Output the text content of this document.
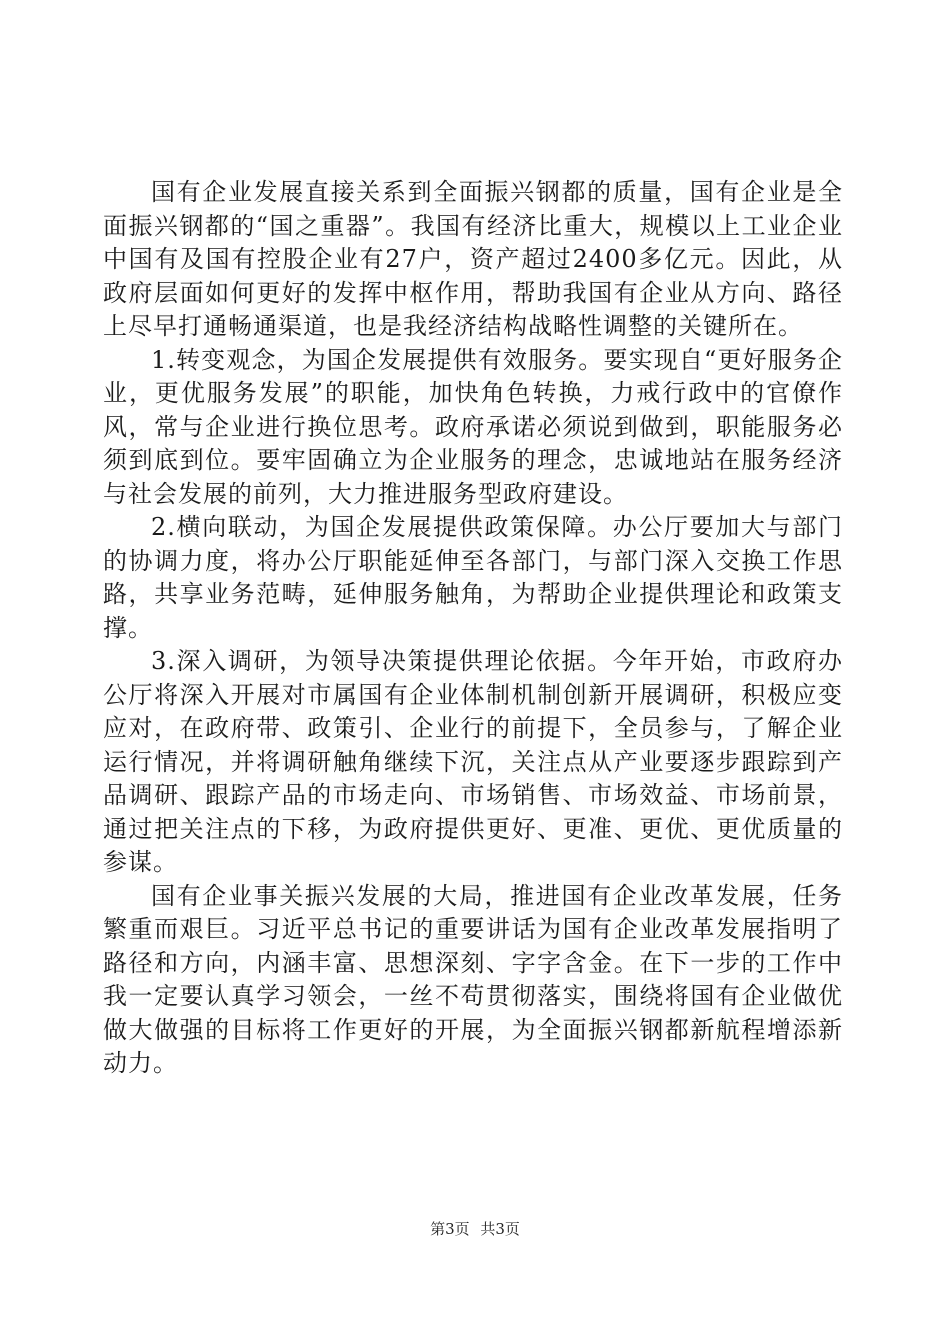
国有企业发展直接关系到全面振兴钢都的质量，国有企业是全面振兴钢都的“国之重器”。我国有经济比重大，规模以上工业企业中国有及国有控股企业有27户，资产超过2400多亿元。因此，从政府层面如何更好的发挥中枢作用，帮助我国有企业从方向、路径上尽早打通畅通渠道，也是我经济结构战略性调整的关键所在。

1.转变观念，为国企发展提供有效服务。要实现自“更好服务企业，更优服务发展”的职能，加快角色转换，力戒行政中的官僚作风，常与企业进行换位思考。政府承诺必须说到做到，职能服务必须到底到位。要牢固确立为企业服务的理念，忠诚地站在服务经济与社会发展的前列，大力推进服务型政府建设。

2.横向联动，为国企发展提供政策保障。办公厅要加大与部门的协调力度，将办公厅职能延伸至各部门，与部门深入交换工作思路，共享业务范畴，延伸服务触角，为帮助企业提供理论和政策支撑。

3.深入调研，为领导决策提供理论依据。今年开始，市政府办公厅将深入开展对市属国有企业体制机制创新开展调研，积极应变应对，在政府带、政策引、企业行的前提下，全员参与，了解企业运行情况，并将调研触角继续下沉，关注点从产业要逐步跟踪到产品调研、跟踪产品的市场走向、市场销售、市场效益、市场前景，通过把关注点的下移，为政府提供更好、更准、更优、更优质量的参谋。

国有企业事关振兴发展的大局，推进国有企业改革发展，任务繁重而艰巨。习近平总书记的重要讲话为国有企业改革发展指明了路径和方向，内涵丰富、思想深刻、字字含金。在下一步的工作中我一定要认真学习领会，一丝不苟贯彻落实，围绕将国有企业做优做大做强的目标将工作更好的开展，为全面振兴钢都新航程增添新动力。

第3页 共3页
